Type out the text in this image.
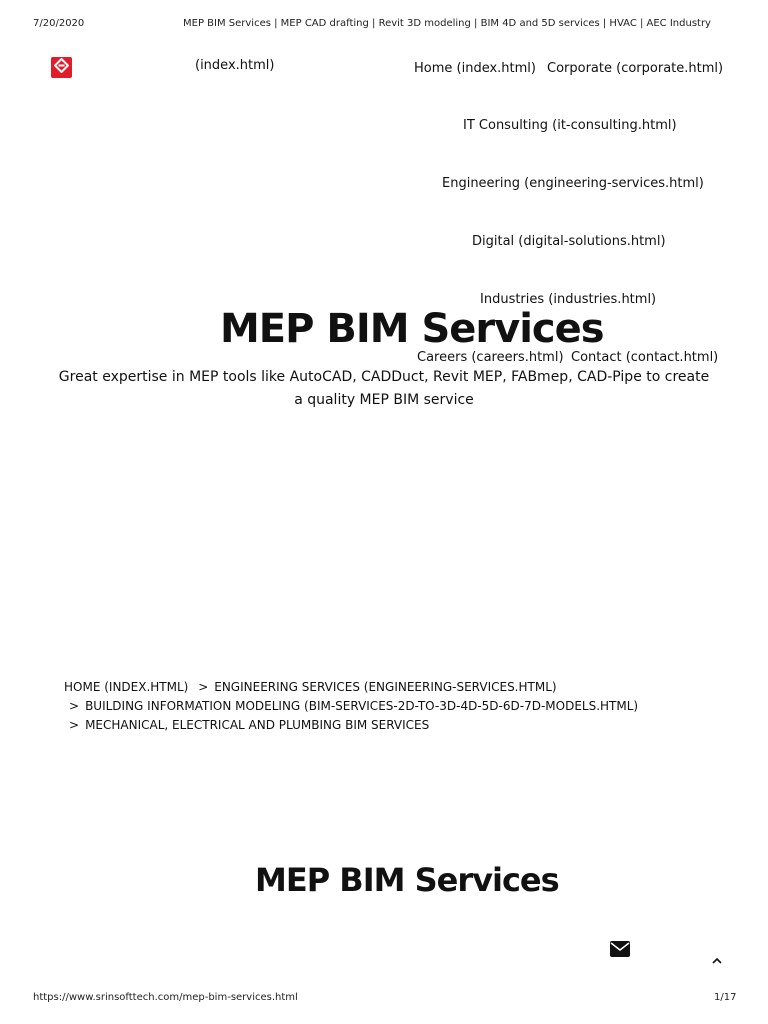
7/20/2020	MEP BIM Services | MEP CAD drafting | Revit 3D modeling | BIM 4D and 5D services | HVAC | AEC Industry
(index.html)	Home (index.html) Corporate (corporate.html)
IT Consulting (it-consulting.html)
Engineering (engineering-services.html)
Digital (digital-solutions.html)
Industries (industries.html)
MEP BIM Services
Careers (careers.html) Contact (contact.html)
Great expertise in MEP tools like AutoCAD, CADDuct, Revit MEP, FABmep, CAD-Pipe to create a quality MEP BIM service
HOME (INDEX.HTML) > ENGINEERING SERVICES (ENGINEERING-SERVICES.HTML)
> BUILDING INFORMATION MODELING (BIM-SERVICES-2D-TO-3D-4D-5D-6D-7D-MODELS.HTML)
> MECHANICAL, ELECTRICAL AND PLUMBING BIM SERVICES
MEP BIM Services
https://www.srinsofttech.com/mep-bim-services.html	1/17
